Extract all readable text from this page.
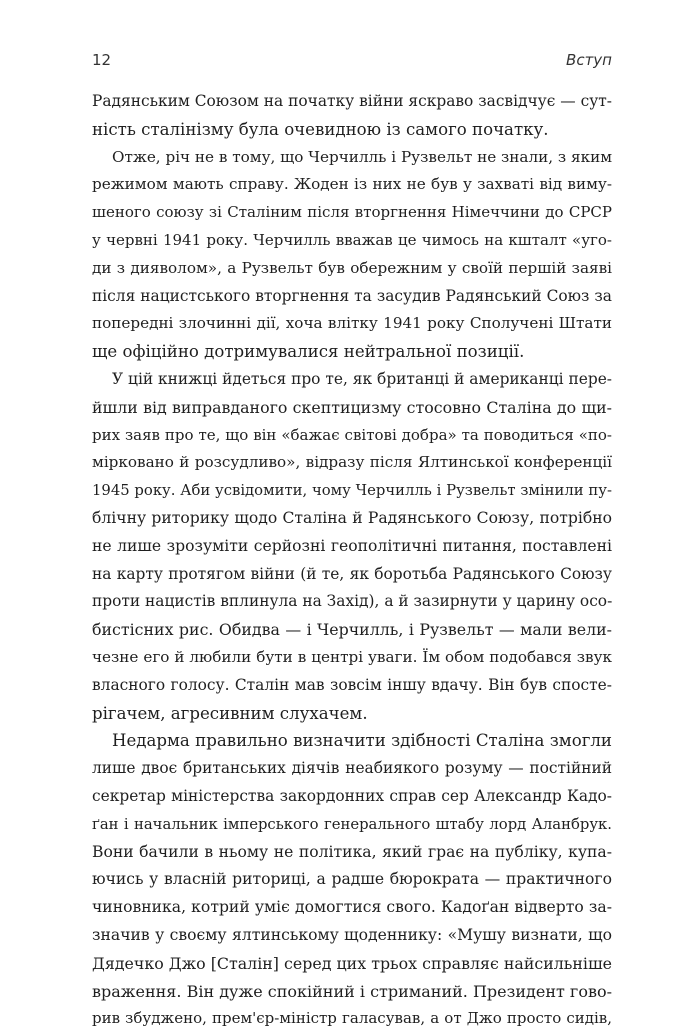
12	Вступ
Радянським Союзом на початку війни яскраво засвідчує — сут-
ність сталінізму була очевидною із самого початку.
Отже, річ не в тому, що Черчилль і Рузвельт не знали, з яким
режимом мають справу. Жоден із них не був у захваті від виму-
шеного союзу зі Сталіним після вторгнення Німеччини до СРСР
у червні 1941 року. Черчилль вважав це чимось на кшталт «уго-
ди з дияволом», а Рузвельт був обережним у своїй першій заяві
після нацистського вторгнення та засудив Радянський Союз за
попередні злочинні дії, хоча влітку 1941 року Сполучені Штати
ще офіційно дотримувалися нейтральної позиції.
У цій книжці йдеться про те, як британці й американці пере-
йшли від виправданого скептицизму стосовно Сталіна до щи-
рих заяв про те, що він «бажає світові добра» та поводиться «по-
мірковано й розсудливо», відразу після Ялтинської конференції
1945 року. Аби усвідомити, чому Черчилль і Рузвельт змінили пу-
блічну риторику щодо Сталіна й Радянського Союзу, потрібно
не лише зрозуміти серйозні геополітичні питання, поставлені
на карту протягом війни (й те, як боротьба Радянського Союзу
проти нацистів вплинула на Захід), а й зазирнути у царину осо-
бистісних рис. Обидва — і Черчилль, і Рузвельт — мали вели-
чезне его й любили бути в центрі уваги. Їм обом подобався звук
власного голосу. Сталін мав зовсім іншу вдачу. Він був спосте-
рігачем, агресивним слухачем.
Недарма правильно визначити здібності Сталіна змогли
лише двоє британських діячів неабиякого розуму — постійний
секретар міністерства закордонних справ сер Александр Кадо-
ґан і начальник імперського генерального штабу лорд Аланбрук.
Вони бачили в ньому не політика, який грає на публіку, купа-
ючись у власній риториці, а радше бюрократа — практичного
чиновника, котрий уміє домогтися свого. Кадоґан відверто за-
значив у своєму ялтинському щоденнику: «Мушу визнати, що
Дядечко Джо [Сталін] серед цих трьох справляє найсильніше
враження. Він дуже спокійний і стриманий. Президент гово-
рив збуджено, прем'єр-міністр галасував, а от Джо просто сидів,
